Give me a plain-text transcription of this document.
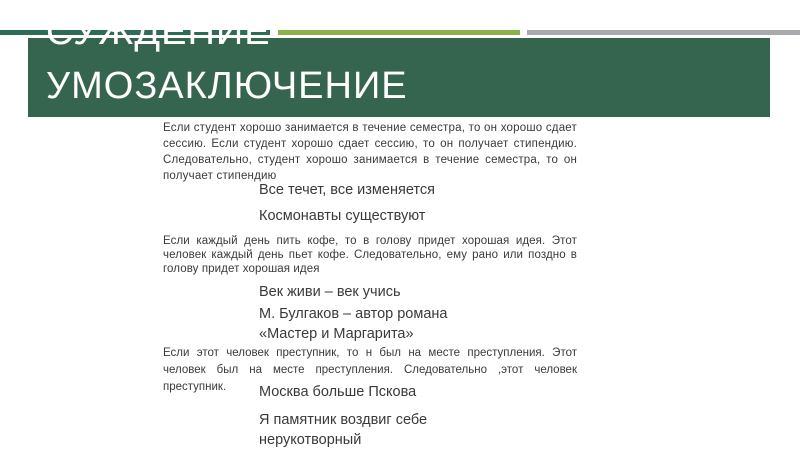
СУЖДЕНИЕ
УМОЗАКЛЮЧЕНИЕ

Если студент хорошо занимается в течение семестра, то он хорошо сдает сессию. Если студент хорошо сдает сессию, то он получает стипендию. Следовательно, студент хорошо занимается в течение семестра, то он получает стипендию

Все течет, все изменяется

Космонавты существуют

Если каждый день пить кофе, то в голову придет хорошая идея. Этот человек каждый день пьет кофе. Следовательно, ему рано или поздно в голову придет хорошая идея

Век живи – век учись

М. Булгаков – автор романа

«Мастер и Маргарита»

Если этот человек преступник, то н был на месте преступления. Этот человек был на месте преступления. Следовательно ,этот человек преступник.	Москва больше Пскова

Я памятник воздвиг себе

нерукотворный
